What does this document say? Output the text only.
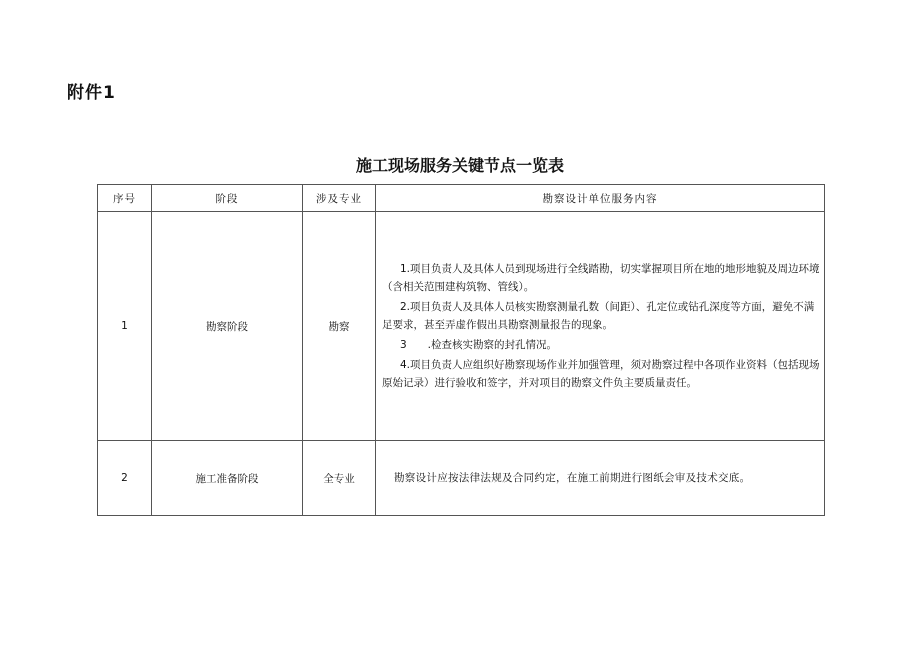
附件1
施工现场服务关键节点一览表
序号	阶段	涉及专业	勘察设计单位服务内容
1	勘察阶段	勘察	1.项目负责人及具体人员到现场进行全线踏勘，切实掌握项目所在地的地形地貌及周边环境（含相关范围建构筑物、管线）。

2.项目负责人及具体人员核实勘察测量孔数（间距）、孔定位或钻孔深度等方面，避免不满足要求，甚至弄虚作假出具勘察测量报告的现象。

3　　.检查核实勘察的封孔情况。

4.项目负责人应组织好勘察现场作业并加强管理，须对勘察过程中各项作业资料（包括现场原始记录）进行验收和签字，并对项目的勘察文件负主要质量责任。

2	施工准备阶段	全专业	勘察设计应按法律法规及合同约定，在施工前期进行图纸会审及技术交底。
